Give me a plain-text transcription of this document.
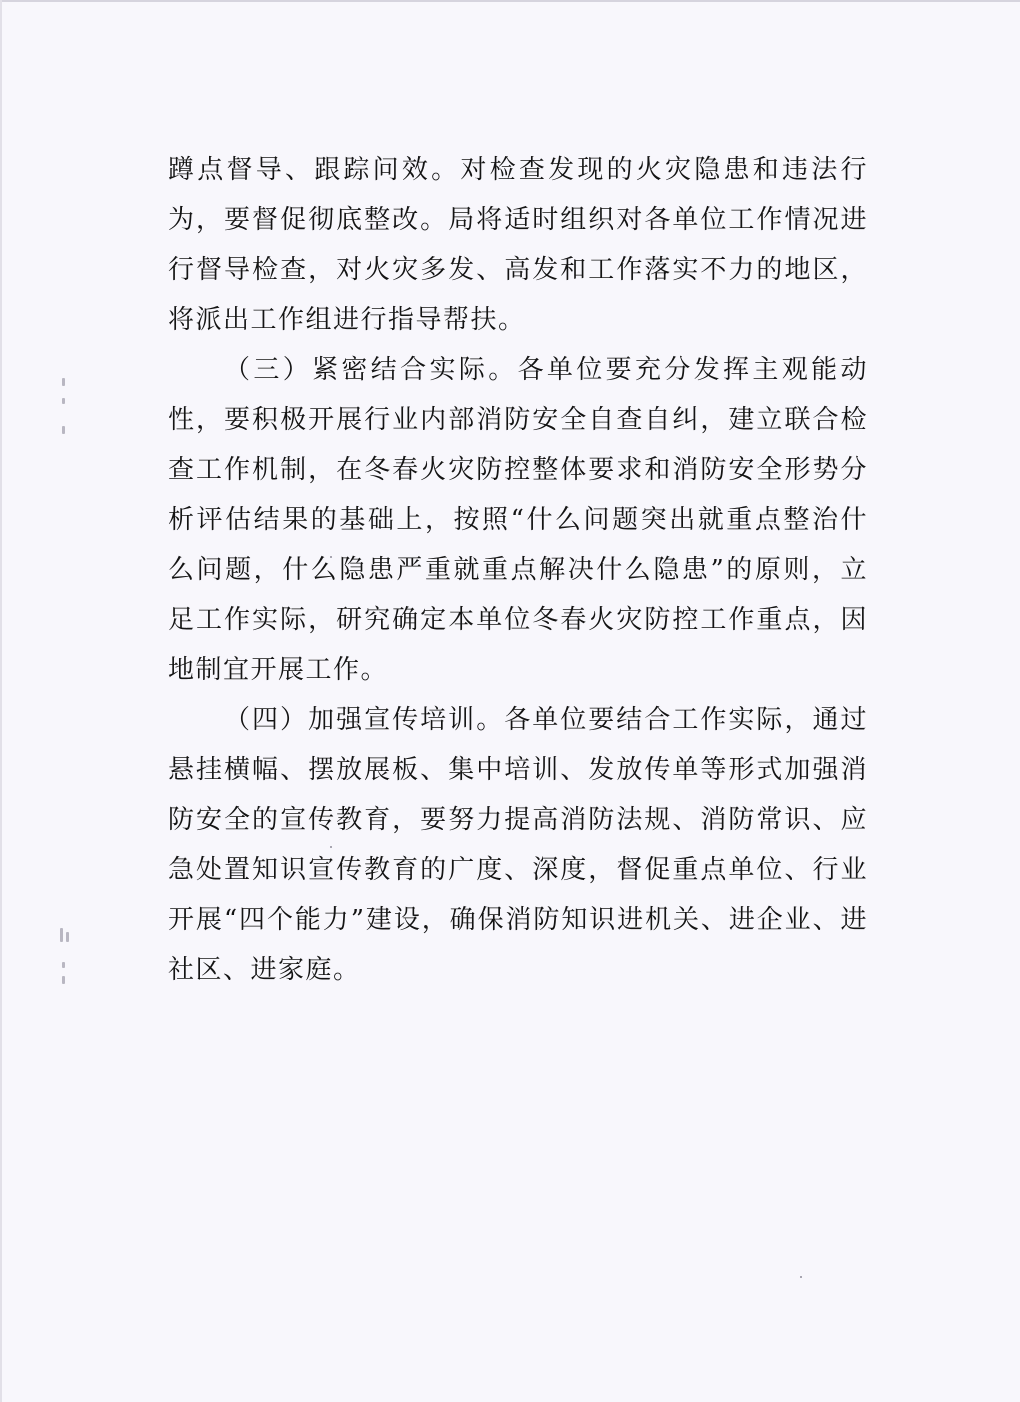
蹲点督导、跟踪问效。对检查发现的火灾隐患和违法行为，要督促彻底整改。局将适时组织对各单位工作情况进行督导检查，对火灾多发、高发和工作落实不力的地区，将派出工作组进行指导帮扶。

（三）紧密结合实际。各单位要充分发挥主观能动性，要积极开展行业内部消防安全自查自纠，建立联合检查工作机制，在冬春火灾防控整体要求和消防安全形势分析评估结果的基础上，按照“什么问题突出就重点整治什么问题，什么隐患严重就重点解决什么隐患”的原则，立足工作实际，研究确定本单位冬春火灾防控工作重点，因地制宜开展工作。

（四）加强宣传培训。各单位要结合工作实际，通过悬挂横幅、摆放展板、集中培训、发放传单等形式加强消防安全的宣传教育，要努力提高消防法规、消防常识、应急处置知识宣传教育的广度、深度，督促重点单位、行业开展“四个能力”建设，确保消防知识进机关、进企业、进社区、进家庭。
